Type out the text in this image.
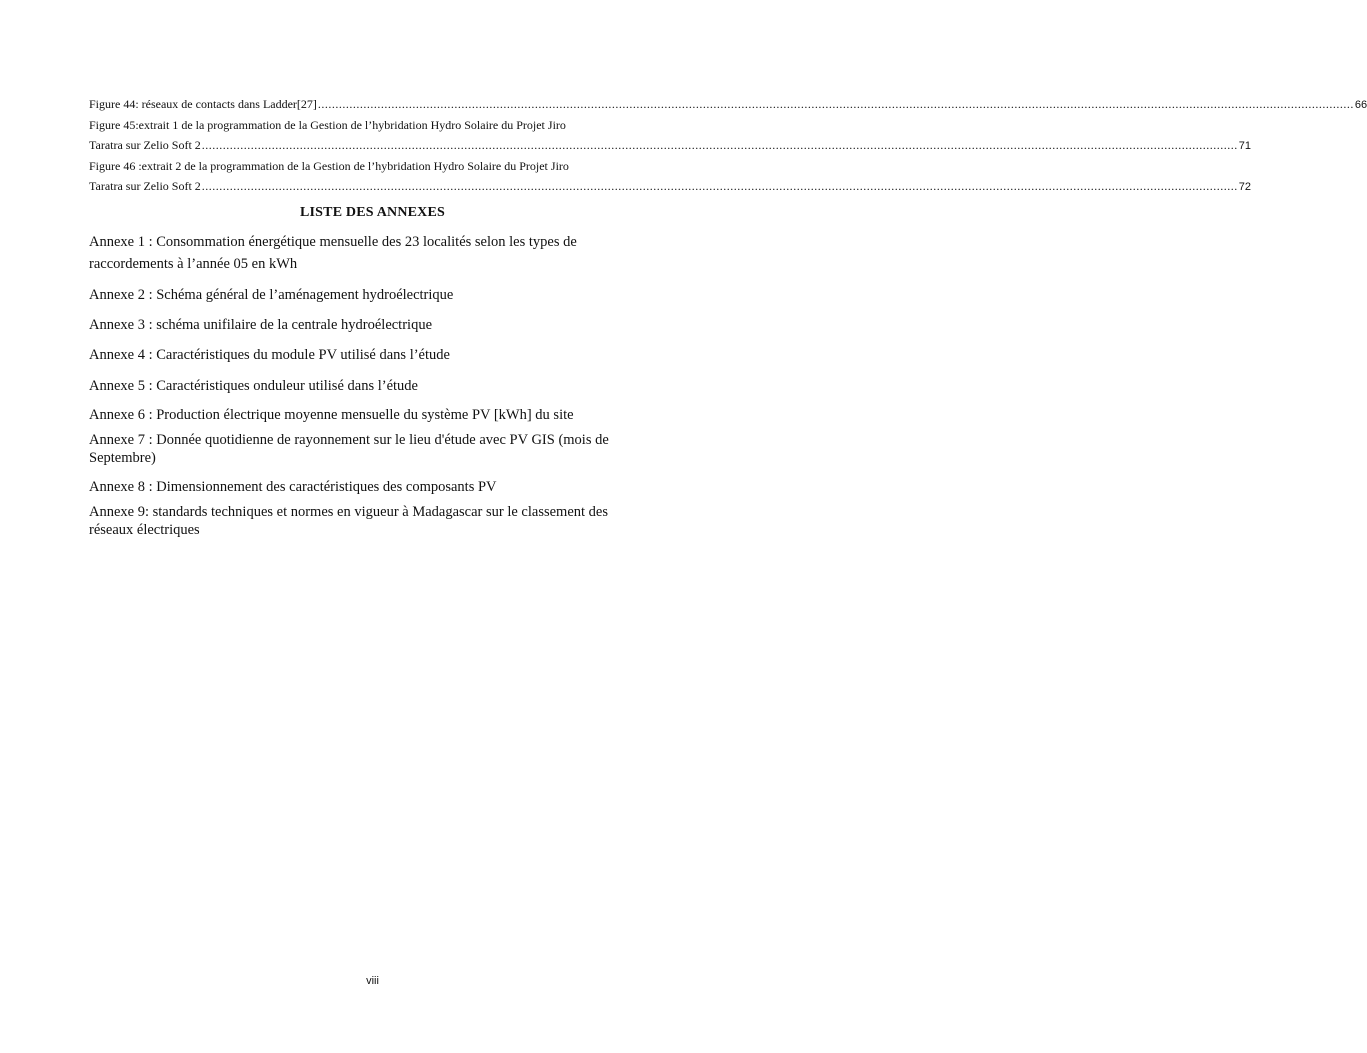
Figure 44: réseaux de contacts dans Ladder[27] .....	66
Figure 45:extrait 1 de la programmation de la Gestion de l’hybridation Hydro Solaire du Projet Jiro
Taratra sur Zelio Soft 2 .....	71
Figure 46 :extrait 2 de la programmation de la Gestion de l’hybridation Hydro Solaire du Projet Jiro
Taratra sur Zelio Soft 2 .....	72
LISTE DES ANNEXES
Annexe 1 : Consommation énergétique mensuelle des 23 localités selon les types de
raccordements à l’année 05 en kWh
Annexe 2 : Schéma général de l’aménagement hydroélectrique
Annexe 3 : schéma unifilaire de la centrale hydroélectrique
Annexe 4 : Caractéristiques du module PV utilisé dans l’étude
Annexe 5 : Caractéristiques onduleur utilisé dans l’étude
Annexe 6 : Production électrique moyenne mensuelle du système PV [kWh] du site
Annexe 7 : Donnée quotidienne de rayonnement sur le lieu d'étude avec PV GIS (mois de
Septembre)
Annexe 8 : Dimensionnement des caractéristiques des composants PV
Annexe 9: standards techniques et normes en vigueur à Madagascar sur le classement des
réseaux électriques
viii
